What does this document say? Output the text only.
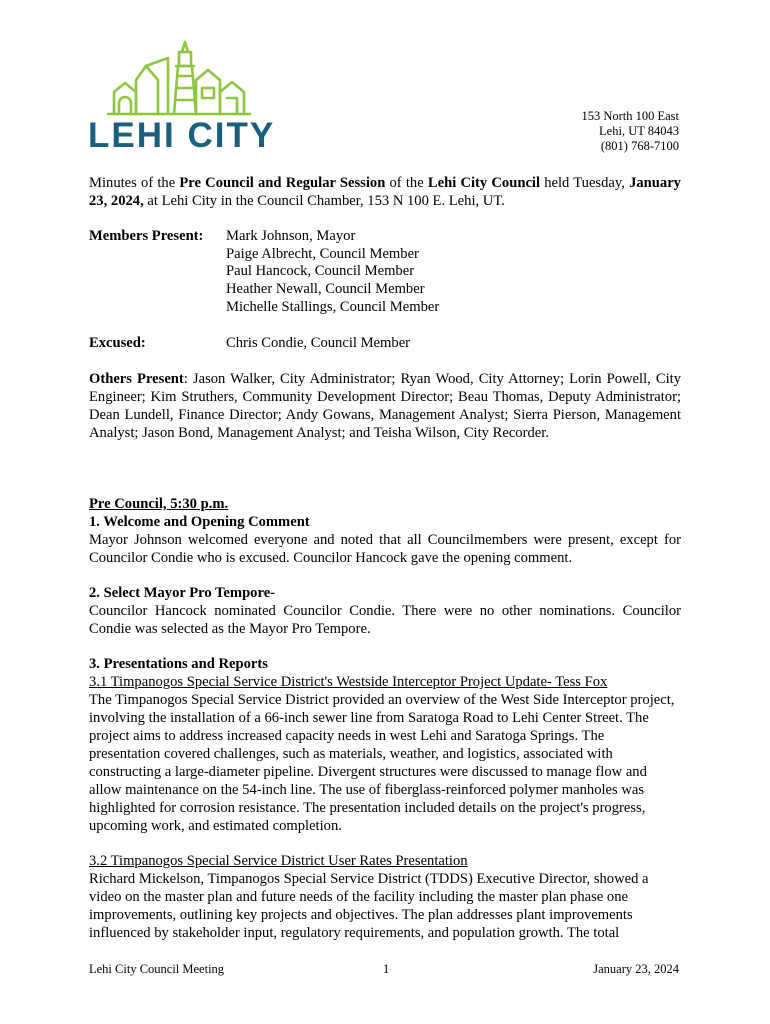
LEHI CITY	153 North 100 East
Lehi, UT 84043
(801) 768-7100
Minutes of the Pre Council and Regular Session of the Lehi City Council held Tuesday, January 23, 2024, at Lehi City in the Council Chamber, 153 N 100 E. Lehi, UT.
Members Present: Mark Johnson, Mayor
Paige Albrecht, Council Member
Paul Hancock, Council Member
Heather Newall, Council Member
Michelle Stallings, Council Member
Excused:	Chris Condie, Council Member
Others Present: Jason Walker, City Administrator; Ryan Wood, City Attorney; Lorin Powell, City Engineer; Kim Struthers, Community Development Director; Beau Thomas, Deputy Administrator; Dean Lundell, Finance Director; Andy Gowans, Management Analyst; Sierra Pierson, Management Analyst; Jason Bond, Management Analyst; and Teisha Wilson, City Recorder.
Pre Council, 5:30 p.m.
1. Welcome and Opening Comment
Mayor Johnson welcomed everyone and noted that all Councilmembers were present, except for Councilor Condie who is excused. Councilor Hancock gave the opening comment.
2. Select Mayor Pro Tempore-
Councilor Hancock nominated Councilor Condie. There were no other nominations. Councilor Condie was selected as the Mayor Pro Tempore.
3. Presentations and Reports
3.1 Timpanogos Special Service District's Westside Interceptor Project Update- Tess Fox
The Timpanogos Special Service District provided an overview of the West Side Interceptor project, involving the installation of a 66-inch sewer line from Saratoga Road to Lehi Center Street. The project aims to address increased capacity needs in west Lehi and Saratoga Springs. The presentation covered challenges, such as materials, weather, and logistics, associated with constructing a large-diameter pipeline. Divergent structures were discussed to manage flow and allow maintenance on the 54-inch line. The use of fiberglass-reinforced polymer manholes was highlighted for corrosion resistance. The presentation included details on the project's progress, upcoming work, and estimated completion.
3.2 Timpanogos Special Service District User Rates Presentation
Richard Mickelson, Timpanogos Special Service District (TDDS) Executive Director, showed a video on the master plan and future needs of the facility including the master plan phase one improvements, outlining key projects and objectives. The plan addresses plant improvements influenced by stakeholder input, regulatory requirements, and population growth. The total
Lehi City Council Meeting	1	January 23, 2024
